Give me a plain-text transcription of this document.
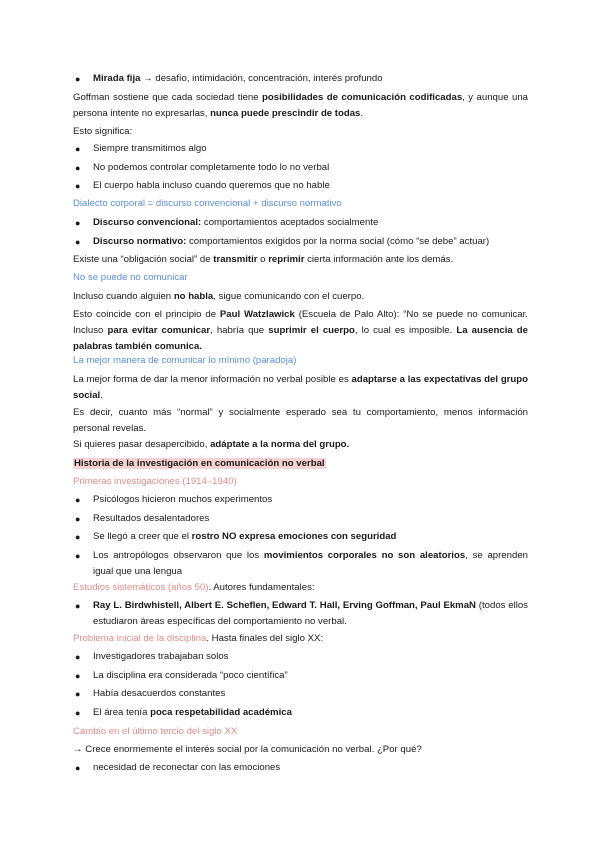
● Mirada fija → desafío, intimidación, concentración, interés profundo
Goffman sostiene que cada sociedad tiene posibilidades de comunicación codificadas, y aunque una persona intente no expresarlas, nunca puede prescindir de todas.
Esto significa:
● Siempre transmitimos algo
● No podemos controlar completamente todo lo no verbal
● El cuerpo habla incluso cuando queremos que no hable
Dialecto corporal = discurso convencional + discurso normativo
● Discurso convencional: comportamientos aceptados socialmente
● Discurso normativo: comportamientos exigidos por la norma social (cómo “se debe” actuar)
Existe una “obligación social” de transmitir o reprimir cierta información ante los demás.
No se puede no comunicar
Incluso cuando alguien no habla, sigue comunicando con el cuerpo.
Esto coincide con el principio de Paul Watzlawick (Escuela de Palo Alto): “No se puede no comunicar. Incluso para evitar comunicar, habría que suprimir el cuerpo, lo cual es imposible. La ausencia de palabras también comunica.
La mejor manera de comunicar lo mínimo (paradoja)
La mejor forma de dar la menor información no verbal posible es adaptarse a las expectativas del grupo social.
Es decir, cuanto más “normal” y socialmente esperado sea tu comportamiento, menos información personal revelas.
Si quieres pasar desapercibido, adáptate a la norma del grupo.
Historia de la investigación en comunicación no verbal
Primeras investigaciones (1914–1940)
● Psicólogos hicieron muchos experimentos
● Resultados desalentadores
● Se llegó a creer que el rostro NO expresa emociones con seguridad
● Los antropólogos observaron que los movimientos corporales no son aleatorios, se aprenden igual que una lengua
Estudios sistemáticos (años 50). Autores fundamentales:
● Ray L. Birdwhistell, Albert E. Scheflen, Edward T. Hall, Erving Goffman, Paul EkmaN (todos ellos estudiaron áreas específicas del comportamiento no verbal.
Problema inicial de la disciplina. Hasta finales del siglo XX:
● Investigadores trabajaban solos
● La disciplina era considerada “poco científica”
● Había desacuerdos constantes
● El área tenía poca respetabilidad académica
Cambio en el último tercio del siglo XX
→ Crece enormemente el interés social por la comunicación no verbal. ¿Por qué?
● necesidad de reconectar con las emociones
